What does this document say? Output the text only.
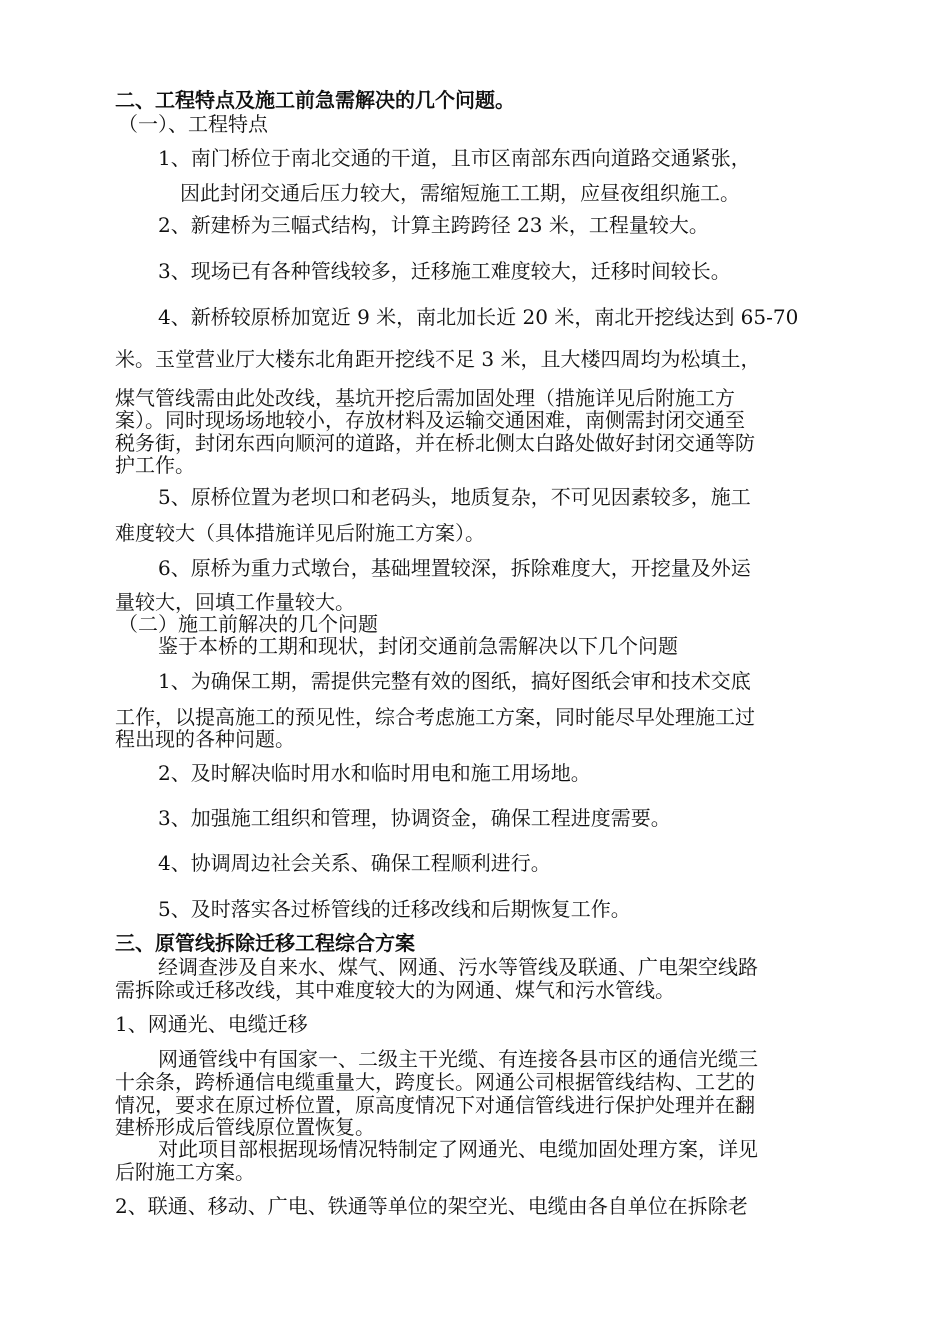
二、工程特点及施工前急需解决的几个问题。
（一）、工程特点
1、南门桥位于南北交通的干道，且市区南部东西向道路交通紧张，
因此封闭交通后压力较大，需缩短施工工期，应昼夜组织施工。
2、新建桥为三幅式结构，计算主跨跨径 23 米，工程量较大。
3、现场已有各种管线较多，迁移施工难度较大，迁移时间较长。
4、新桥较原桥加宽近 9 米，南北加长近 20 米，南北开挖线达到 65-70
米。玉堂营业厅大楼东北角距开挖线不足 3 米，且大楼四周均为松填土，
煤气管线需由此处改线，基坑开挖后需加固处理（措施详见后附施工方
案）。同时现场场地较小，存放材料及运输交通困难，南侧需封闭交通至
税务街，封闭东西向顺河的道路，并在桥北侧太白路处做好封闭交通等防
护工作。
5、原桥位置为老坝口和老码头，地质复杂，不可见因素较多，施工
难度较大（具体措施详见后附施工方案）。
6、原桥为重力式墩台，基础埋置较深，拆除难度大，开挖量及外运
量较大，回填工作量较大。
（二）施工前解决的几个问题
鉴于本桥的工期和现状，封闭交通前急需解决以下几个问题
1、为确保工期，需提供完整有效的图纸，搞好图纸会审和技术交底
工作，以提高施工的预见性，综合考虑施工方案，同时能尽早处理施工过
程出现的各种问题。
2、及时解决临时用水和临时用电和施工用场地。
3、加强施工组织和管理，协调资金，确保工程进度需要。
4、协调周边社会关系、确保工程顺利进行。
5、及时落实各过桥管线的迁移改线和后期恢复工作。
三、原管线拆除迁移工程综合方案
经调查涉及自来水、煤气、网通、污水等管线及联通、广电架空线路
需拆除或迁移改线，其中难度较大的为网通、煤气和污水管线。
1、网通光、电缆迁移
网通管线中有国家一、二级主干光缆、有连接各县市区的通信光缆三
十余条，跨桥通信电缆重量大，跨度长。网通公司根据管线结构、工艺的
情况，要求在原过桥位置，原高度情况下对通信管线进行保护处理并在翻
建桥形成后管线原位置恢复。
对此项目部根据现场情况特制定了网通光、电缆加固处理方案，详见
后附施工方案。
2、联通、移动、广电、铁通等单位的架空光、电缆由各自单位在拆除老
